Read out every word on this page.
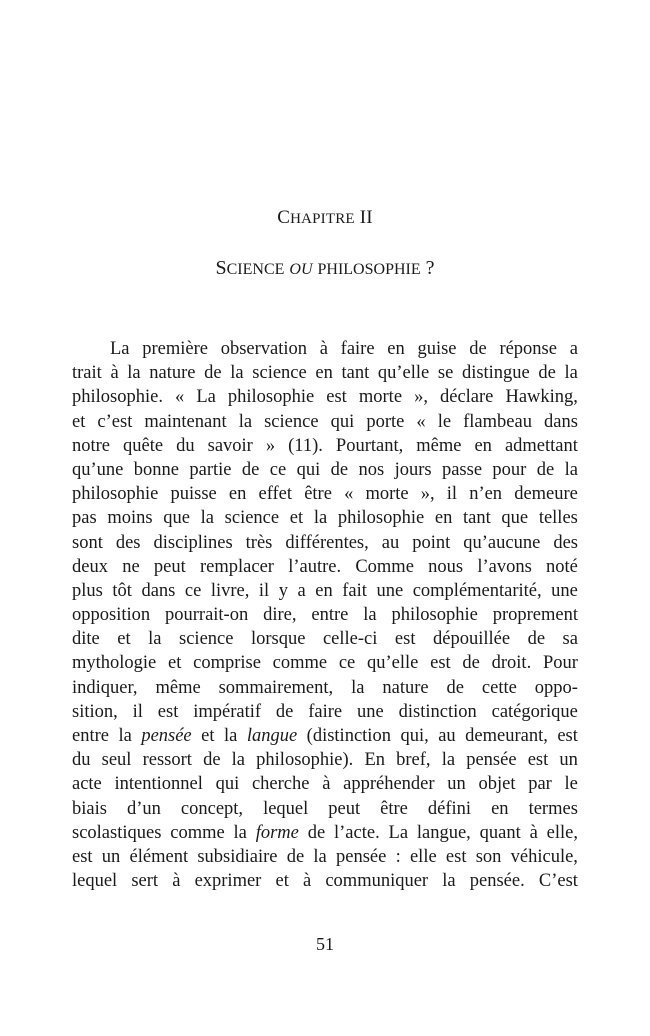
CHAPITRE II
SCIENCE OU PHILOSOPHIE ?
La première observation à faire en guise de réponse a
trait à la nature de la science en tant qu’elle se distingue de la
philosophie. « La philosophie est morte », déclare Hawking,
et c’est maintenant la science qui porte « le flambeau dans
notre quête du savoir » (11). Pourtant, même en admettant
qu’une bonne partie de ce qui de nos jours passe pour de la
philosophie puisse en effet être « morte », il n’en demeure
pas moins que la science et la philosophie en tant que telles
sont des disciplines très différentes, au point qu’aucune des
deux ne peut remplacer l’autre. Comme nous l’avons noté
plus tôt dans ce livre, il y a en fait une complémentarité, une
opposition pourrait-on dire, entre la philosophie proprement
dite et la science lorsque celle-ci est dépouillée de sa
mythologie et comprise comme ce qu’elle est de droit. Pour
indiquer, même sommairement, la nature de cette oppo-
sition, il est impératif de faire une distinction catégorique
entre la pensée et la langue (distinction qui, au demeurant, est
du seul ressort de la philosophie). En bref, la pensée est un
acte intentionnel qui cherche à appréhender un objet par le
biais d’un concept, lequel peut être défini en termes
scolastiques comme la forme de l’acte. La langue, quant à elle,
est un élément subsidiaire de la pensée : elle est son véhicule,
lequel sert à exprimer et à communiquer la pensée. C’est
51
